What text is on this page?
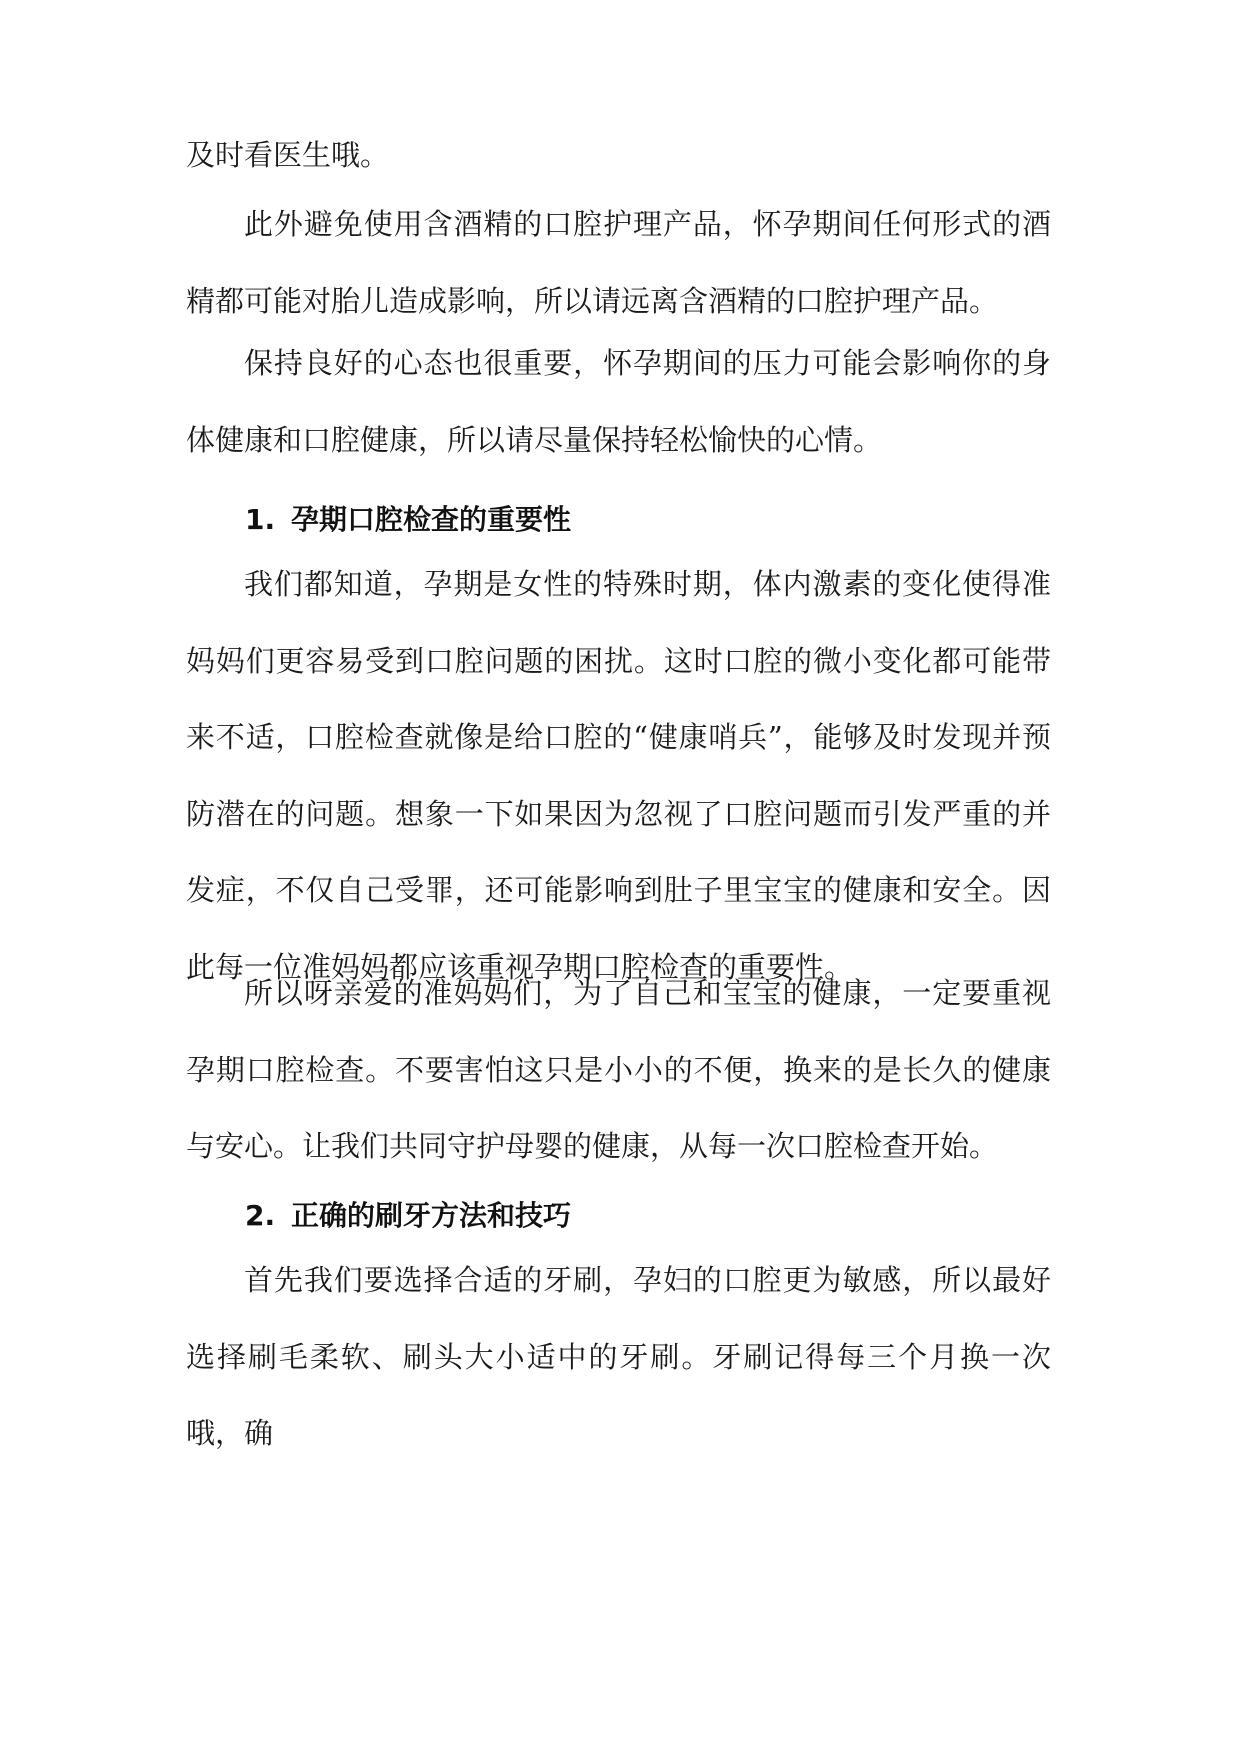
及时看医生哦。

此外避免使用含酒精的口腔护理产品，怀孕期间任何形式的酒精都可能对胎儿造成影响，所以请远离含酒精的口腔护理产品。

保持良好的心态也很重要，怀孕期间的压力可能会影响你的身体健康和口腔健康，所以请尽量保持轻松愉快的心情。

1. 孕期口腔检查的重要性

我们都知道，孕期是女性的特殊时期，体内激素的变化使得准妈妈们更容易受到口腔问题的困扰。这时口腔的微小变化都可能带来不适，口腔检查就像是给口腔的“健康哨兵”，能够及时发现并预防潜在的问题。想象一下如果因为忽视了口腔问题而引发严重的并发症，不仅自己受罪，还可能影响到肚子里宝宝的健康和安全。因此每一位准妈妈都应该重视孕期口腔检查的重要性。

所以呀亲爱的准妈妈们，为了自己和宝宝的健康，一定要重视孕期口腔检查。不要害怕这只是小小的不便，换来的是长久的健康与安心。让我们共同守护母婴的健康，从每一次口腔检查开始。

2. 正确的刷牙方法和技巧

首先我们要选择合适的牙刷，孕妇的口腔更为敏感，所以最好选择刷毛柔软、刷头大小适中的牙刷。牙刷记得每三个月换一次哦，确
